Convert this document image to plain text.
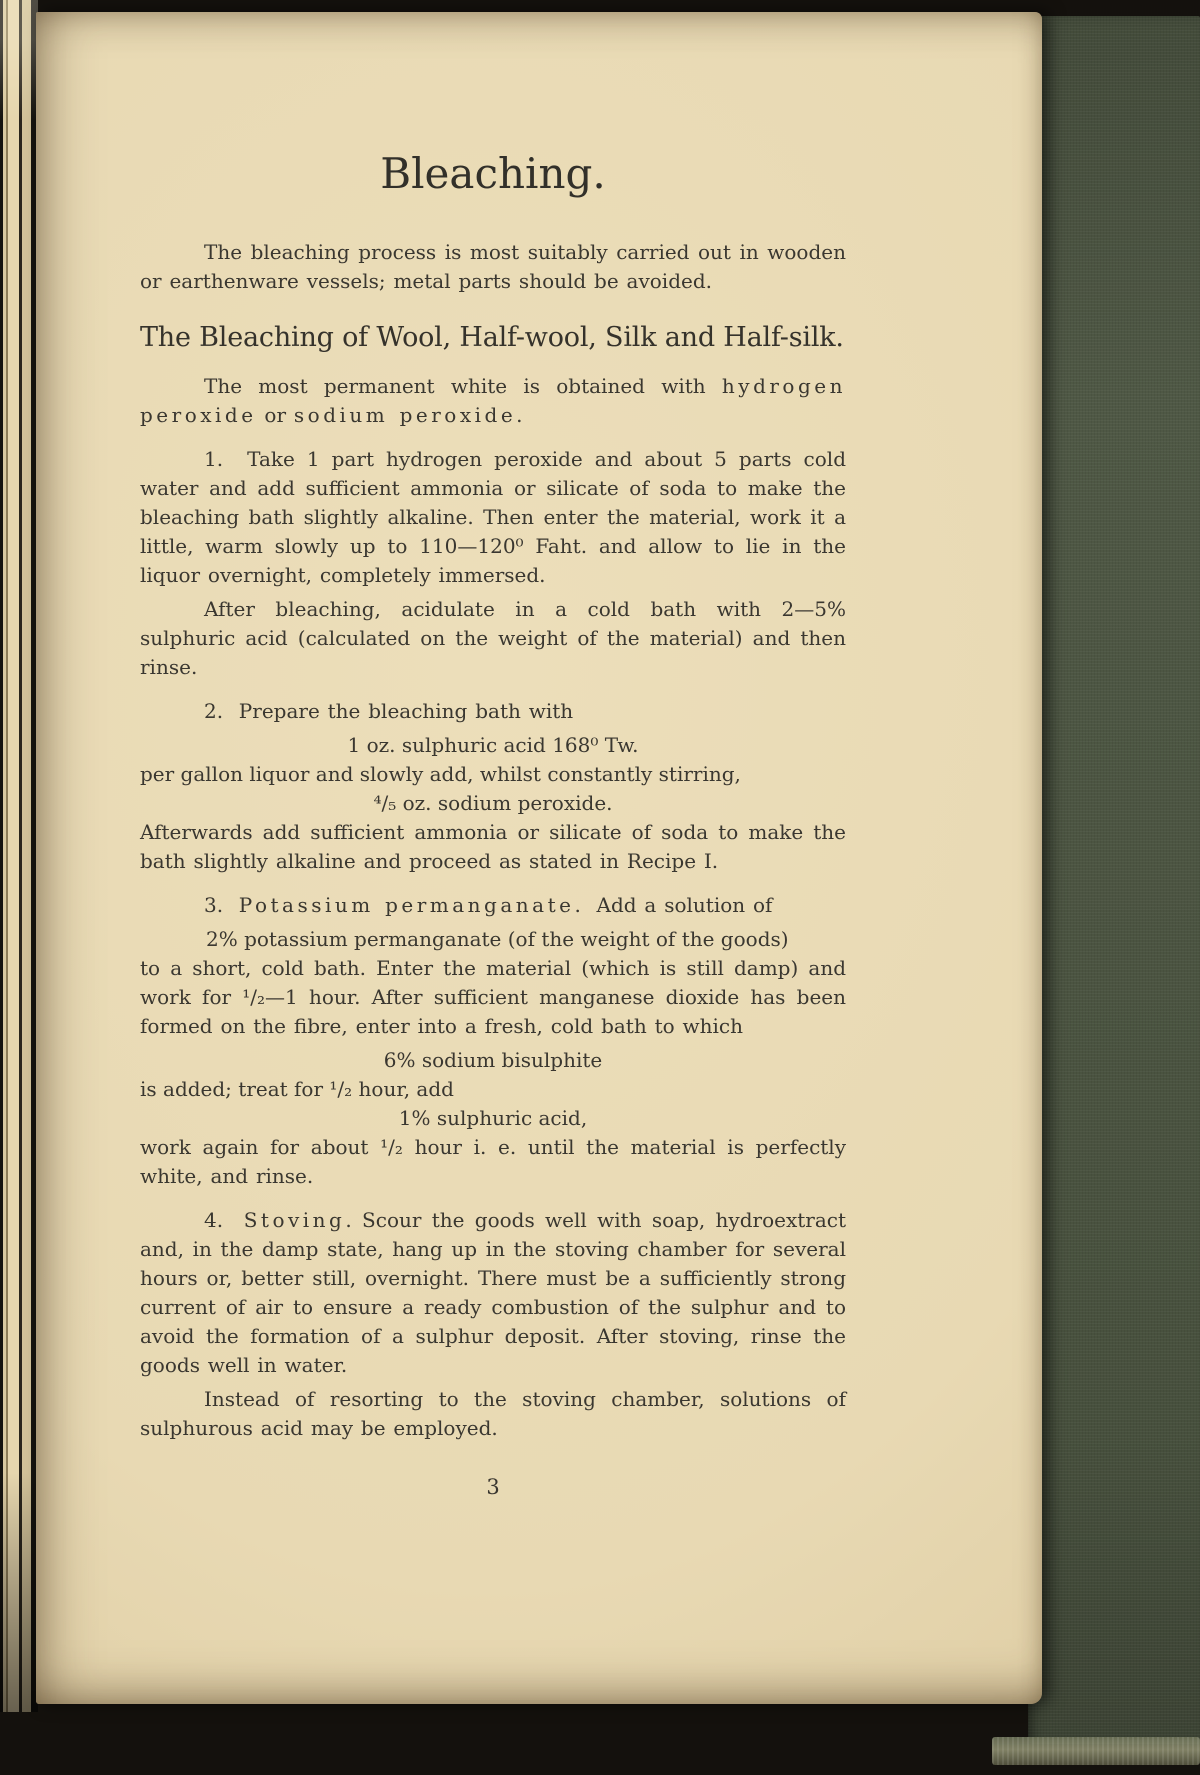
Bleaching.
The bleaching process is most suitably carried out in wooden or earthenware vessels; metal parts should be avoided.
The Bleaching of Wool, Half-wool, Silk and Half-silk.
The most permanent white is obtained with hydrogen peroxide or sodium peroxide.
1.  Take 1 part hydrogen peroxide and about 5 parts cold water and add sufficient ammonia or silicate of soda to make the bleaching bath slightly alkaline. Then enter the material, work it a little, warm slowly up to 110—120⁰ Faht. and allow to lie in the liquor overnight, completely immersed.
After bleaching, acidulate in a cold bath with 2—5% sulphuric acid (calculated on the weight of the material) and then rinse.
2.  Prepare the bleaching bath with
1 oz. sulphuric acid 168⁰ Tw.
per gallon liquor and slowly add, whilst constantly stirring,
⁴/₅ oz. sodium peroxide.
Afterwards add sufficient ammonia or silicate of soda to make the bath slightly alkaline and proceed as stated in Recipe I.
3.  Potassium permanganate.  Add a solution of
2% potassium permanganate (of the weight of the goods)
to a short, cold bath. Enter the material (which is still damp) and work for ¹/₂—1 hour. After sufficient manganese dioxide has been formed on the fibre, enter into a fresh, cold bath to which
6% sodium bisulphite
is added; treat for ¹/₂ hour, add
1% sulphuric acid,
work again for about ¹/₂ hour i. e. until the material is perfectly white, and rinse.
4.  Stoving. Scour the goods well with soap, hydroextract and, in the damp state, hang up in the stoving chamber for several hours or, better still, overnight. There must be a sufficiently strong current of air to ensure a ready combustion of the sulphur and to avoid the formation of a sulphur deposit. After stoving, rinse the goods well in water.
Instead of resorting to the stoving chamber, solutions of sulphurous acid may be employed.
3
